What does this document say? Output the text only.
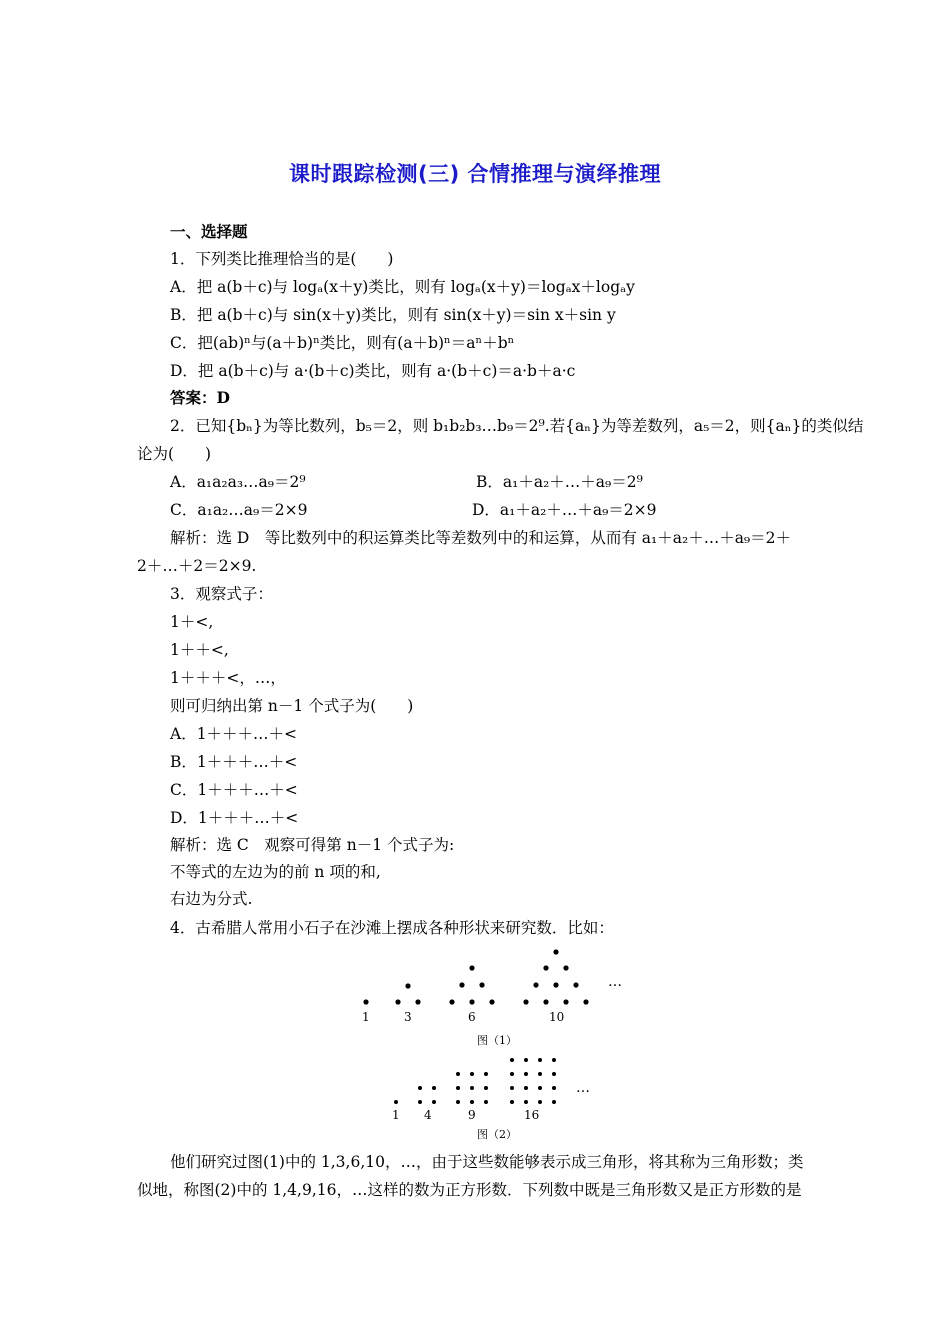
课时跟踪检测(三) 合情推理与演绎推理
一、选择题
1．下列类比推理恰当的是(　　)
A．把 a(b＋c)与 logₐ(x＋y)类比，则有 logₐ(x＋y)＝logₐx＋logₐy
B．把 a(b＋c)与 sin(x＋y)类比，则有 sin(x＋y)＝sin x＋sin y
C．把(ab)ⁿ与(a＋b)ⁿ类比，则有(a＋b)ⁿ＝aⁿ＋bⁿ
D．把 a(b＋c)与 a·(b＋c)类比，则有 a·(b＋c)＝a·b＋a·c
答案：D
2．已知{bₙ}为等比数列，b₅＝2，则 b₁b₂b₃…b₉＝2⁹.若{aₙ}为等差数列，a₅＝2，则{aₙ}的类似结
论为(　　)
A．a₁a₂a₃…a₉＝2⁹	B．a₁＋a₂＋…＋a₉＝2⁹
C．a₁a₂…a₉＝2×9	D．a₁＋a₂＋…＋a₉＝2×9
解析：选 D　等比数列中的积运算类比等差数列中的和运算，从而有 a₁＋a₂＋…＋a₉＝2＋
2＋…＋2＝2×9.
3．观察式子：
1＋<,
1＋＋<,
1＋＋＋<，…，
则可归纳出第 n－1 个式子为(　　)
A．1＋＋＋…＋<
B．1＋＋＋…＋<
C．1＋＋＋…＋<
D．1＋＋＋…＋<
解析：选 C　观察可得第 n－1 个式子为:
不等式的左边为的前 n 项的和,
右边为分式.
4．古希腊人常用小石子在沙滩上摆成各种形状来研究数．比如：
…
1	3	6	10
图（1）
…
1 4	9	16
图（2）
他们研究过图(1)中的 1,3,6,10，…，由于这些数能够表示成三角形，将其称为三角形数；类
似地，称图(2)中的 1,4,9,16，…这样的数为正方形数．下列数中既是三角形数又是正方形数的是
